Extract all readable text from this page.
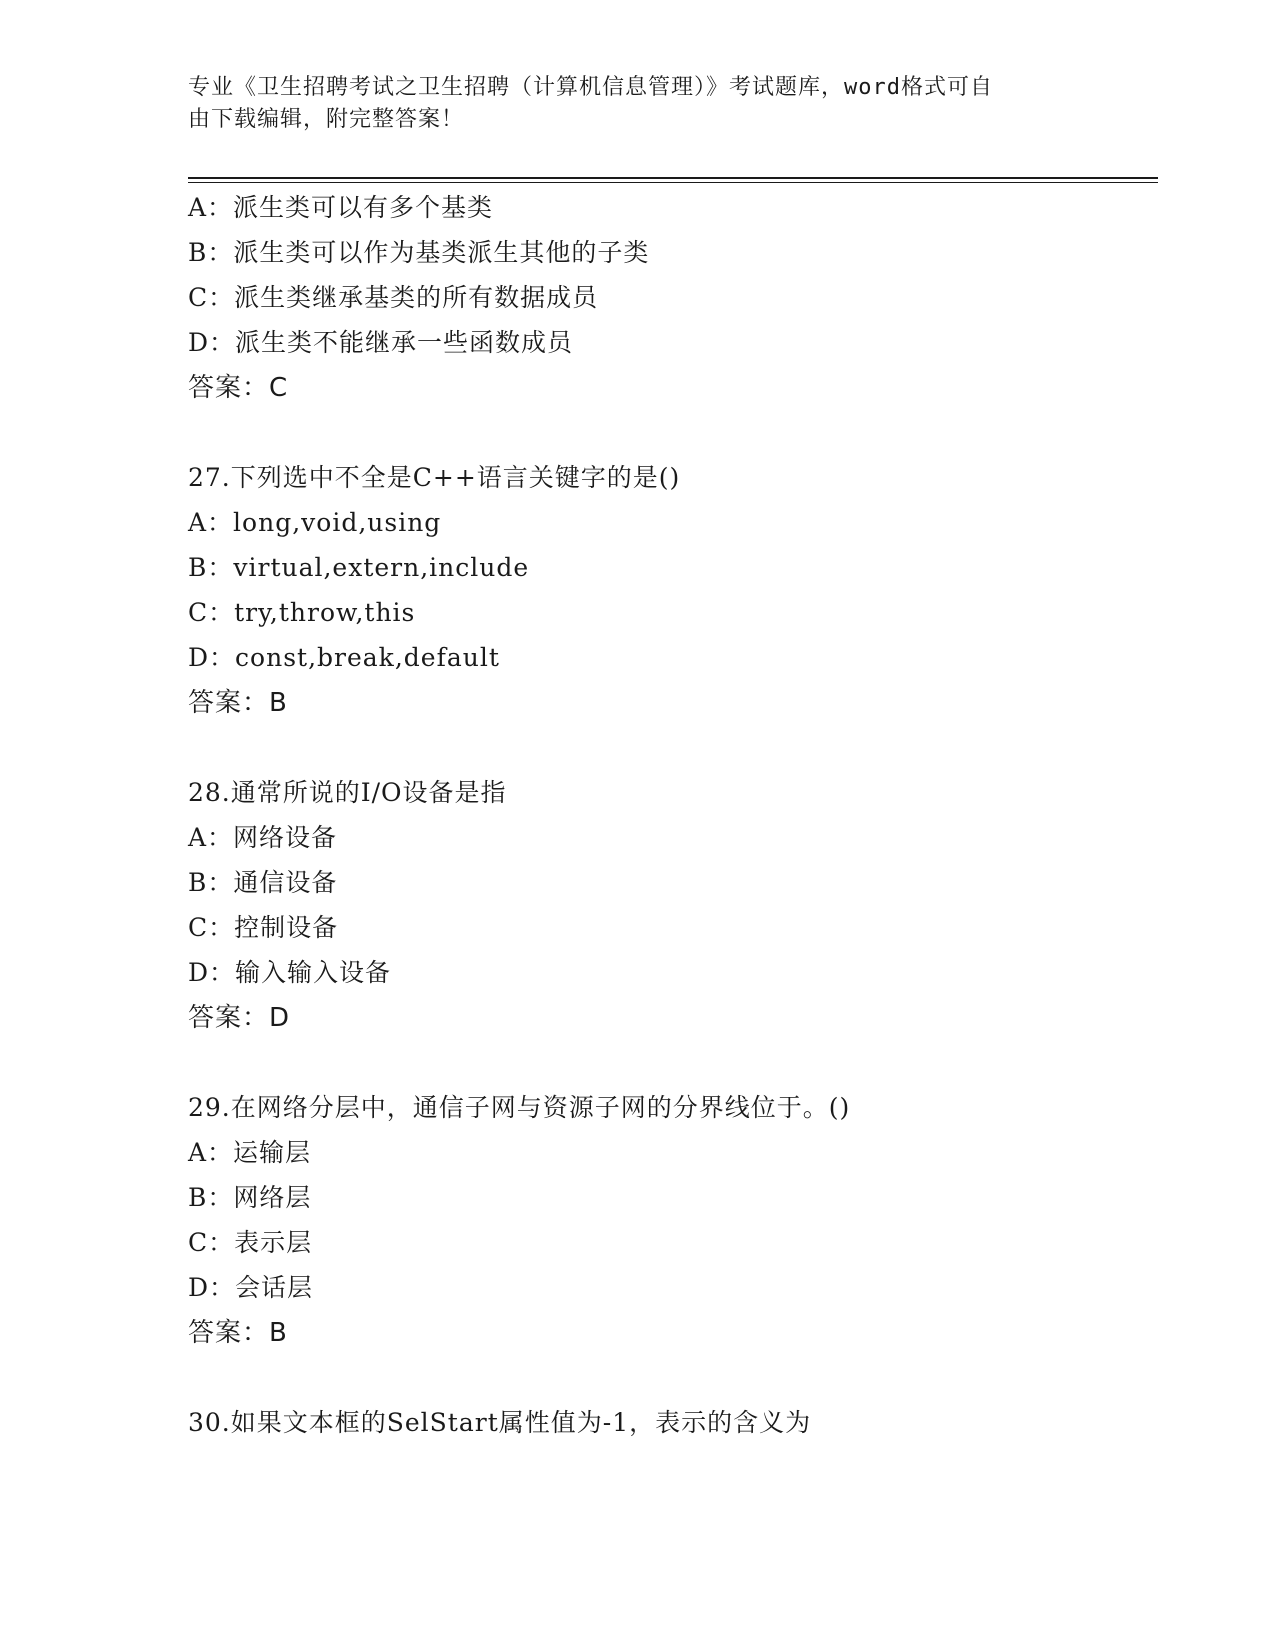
专业《卫生招聘考试之卫生招聘（计算机信息管理）》考试题库，word格式可自
由下载编辑，附完整答案！
A：派生类可以有多个基类
B：派生类可以作为基类派生其他的子类
C：派生类继承基类的所有数据成员
D：派生类不能继承一些函数成员
答案：C
27.下列选中不全是C++语言关键字的是()
A：long,void,using
B：virtual,extern,include
C：try,throw,this
D：const,break,default
答案：B
28.通常所说的I/O设备是指
A：网络设备
B：通信设备
C：控制设备
D：输入输入设备
答案：D
29.在网络分层中，通信子网与资源子网的分界线位于。()
A：运输层
B：网络层
C：表示层
D：会话层
答案：B
30.如果文本框的SelStart属性值为-1，表示的含义为
